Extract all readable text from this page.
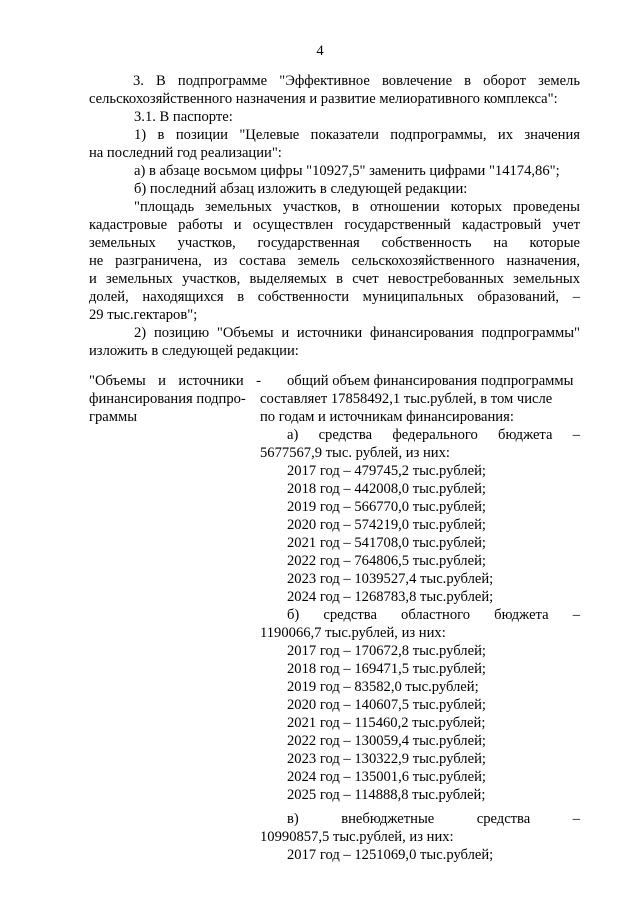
4
3. В подпрограмме "Эффективное вовлечение в оборот земель
сельскохозяйственного назначения и развитие мелиоративного комплекса":
3.1. В паспорте:
1) в позиции "Целевые показатели подпрограммы, их значения
на последний год реализации":
а) в абзаце восьмом цифры "10927,5" заменить цифрами "14174,86";
б) последний абзац изложить в следующей редакции:
"площадь земельных участков, в отношении которых проведены
кадастровые работы и осуществлен государственный кадастровый учет
земельных участков, государственная собственность на которые
не разграничена, из состава земель сельскохозяйственного назначения,
и земельных участков, выделяемых в счет невостребованных земельных
долей, находящихся в собственности муниципальных образований, –
29 тыс.гектаров";
2) позицию "Объемы и источники финансирования подпрограммы"
изложить в следующей редакции:
"Объемы и источники -
финансирования подпро-
граммы
общий объем финансирования подпрограммы
составляет 17858492,1 тыс.рублей, в том числе
по годам и источникам финансирования:
а) средства федерального бюджета –
5677567,9 тыс. рублей, из них:
2017 год – 479745,2 тыс.рублей;
2018 год – 442008,0 тыс.рублей;
2019 год – 566770,0 тыс.рублей;
2020 год – 574219,0 тыс.рублей;
2021 год – 541708,0 тыс.рублей;
2022 год – 764806,5 тыс.рублей;
2023 год – 1039527,4 тыс.рублей;
2024 год – 1268783,8 тыс.рублей;
б) средства областного бюджета –
1190066,7 тыс.рублей, из них:
2017 год – 170672,8 тыс.рублей;
2018 год – 169471,5 тыс.рублей;
2019 год – 83582,0 тыс.рублей;
2020 год – 140607,5 тыс.рублей;
2021 год – 115460,2 тыс.рублей;
2022 год – 130059,4 тыс.рублей;
2023 год – 130322,9 тыс.рублей;
2024 год – 135001,6 тыс.рублей;
2025 год – 114888,8 тыс.рублей;
в) внебюджетные средства –
10990857,5 тыс.рублей, из них:
2017 год – 1251069,0 тыс.рублей;
